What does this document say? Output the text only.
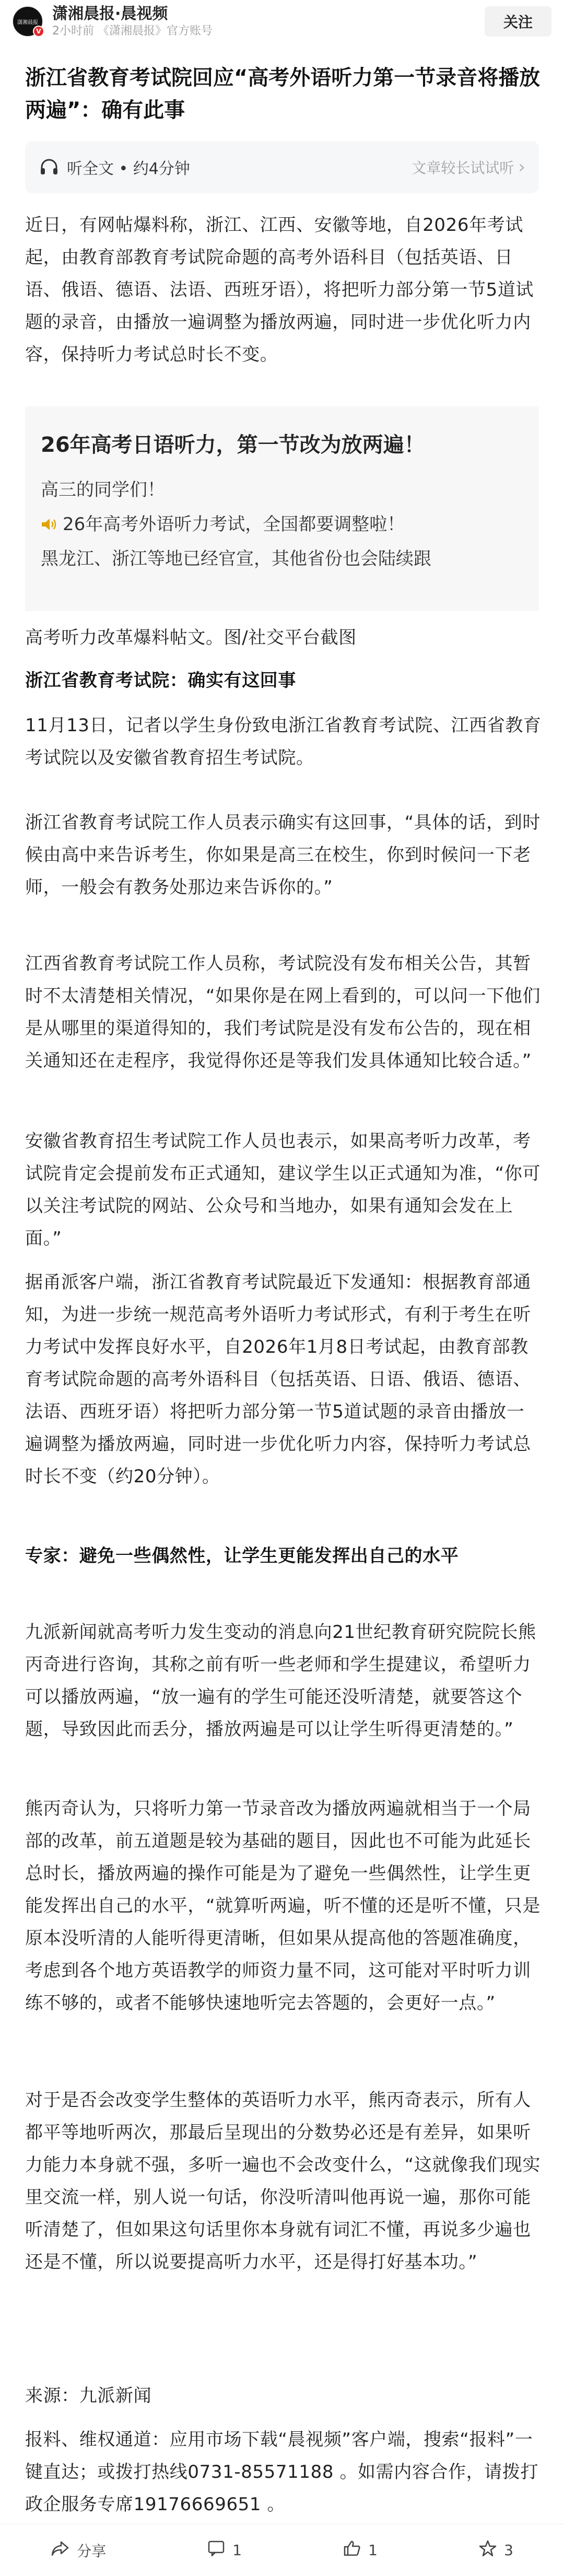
潇湘晨报
V
潇湘晨报·晨视频
2小时前 《潇湘晨报》官方账号
关注
浙江省教育考试院回应“高考外语听力第一节录音将播放两遍”：确有此事
听全文 • 约4分钟	文章较长试试听 ›
近日，有网帖爆料称，浙江、江西、安徽等地，自2026年考试起，由教育部教育考试院命题的高考外语科目（包括英语、日语、俄语、德语、法语、西班牙语），将把听力部分第一节5道试题的录音，由播放一遍调整为播放两遍，同时进一步优化听力内容，保持听力考试总时长不变。
26年高考日语听力，第一节改为放两遍！
高三的同学们！
26年高考外语听力考试，全国都要调整啦！
黑龙江、浙江等地已经官宣，其他省份也会陆续跟
高考听力改革爆料帖文。图/社交平台截图
浙江省教育考试院：确实有这回事
11月13日，记者以学生身份致电浙江省教育考试院、江西省教育考试院以及安徽省教育招生考试院。
浙江省教育考试院工作人员表示确实有这回事，“具体的话，到时候由高中来告诉考生，你如果是高三在校生，你到时候问一下老师，一般会有教务处那边来告诉你的。”
江西省教育考试院工作人员称，考试院没有发布相关公告，其暂时不太清楚相关情况，“如果你是在网上看到的，可以问一下他们是从哪里的渠道得知的，我们考试院是没有发布公告的，现在相关通知还在走程序，我觉得你还是等我们发具体通知比较合适。”
安徽省教育招生考试院工作人员也表示，如果高考听力改革，考试院肯定会提前发布正式通知，建议学生以正式通知为准，“你可以关注考试院的网站、公众号和当地办，如果有通知会发在上面。”
据甬派客户端，浙江省教育考试院最近下发通知：根据教育部通知，为进一步统一规范高考外语听力考试形式，有利于考生在听力考试中发挥良好水平，自2026年1月8日考试起，由教育部教育考试院命题的高考外语科目（包括英语、日语、俄语、德语、法语、西班牙语）将把听力部分第一节5道试题的录音由播放一遍调整为播放两遍，同时进一步优化听力内容，保持听力考试总时长不变（约20分钟）。
专家：避免一些偶然性，让学生更能发挥出自己的水平
九派新闻就高考听力发生变动的消息向21世纪教育研究院院长熊丙奇进行咨询，其称之前有听一些老师和学生提建议，希望听力可以播放两遍，“放一遍有的学生可能还没听清楚，就要答这个题，导致因此而丢分，播放两遍是可以让学生听得更清楚的。”
熊丙奇认为，只将听力第一节录音改为播放两遍就相当于一个局部的改革，前五道题是较为基础的题目，因此也不可能为此延长总时长，播放两遍的操作可能是为了避免一些偶然性，让学生更能发挥出自己的水平，“就算听两遍，听不懂的还是听不懂，只是原本没听清的人能听得更清晰，但如果从提高他的答题准确度，考虑到各个地方英语教学的师资力量不同，这可能对平时听力训练不够的，或者不能够快速地听完去答题的，会更好一点。”
对于是否会改变学生整体的英语听力水平，熊丙奇表示，所有人都平等地听两次，那最后呈现出的分数势必还是有差异，如果听力能力本身就不强，多听一遍也不会改变什么，“这就像我们现实里交流一样，别人说一句话，你没听清叫他再说一遍，那你可能听清楚了，但如果这句话里你本身就有词汇不懂，再说多少遍也还是不懂，所以说要提高听力水平，还是得打好基本功。”
来源：九派新闻
报料、维权通道：应用市场下载“晨视频”客户端，搜索“报料”一键直达；或拨打热线0731-85571188 。如需内容合作，请拨打政企服务专席19176669651 。
分享	1	1	3
